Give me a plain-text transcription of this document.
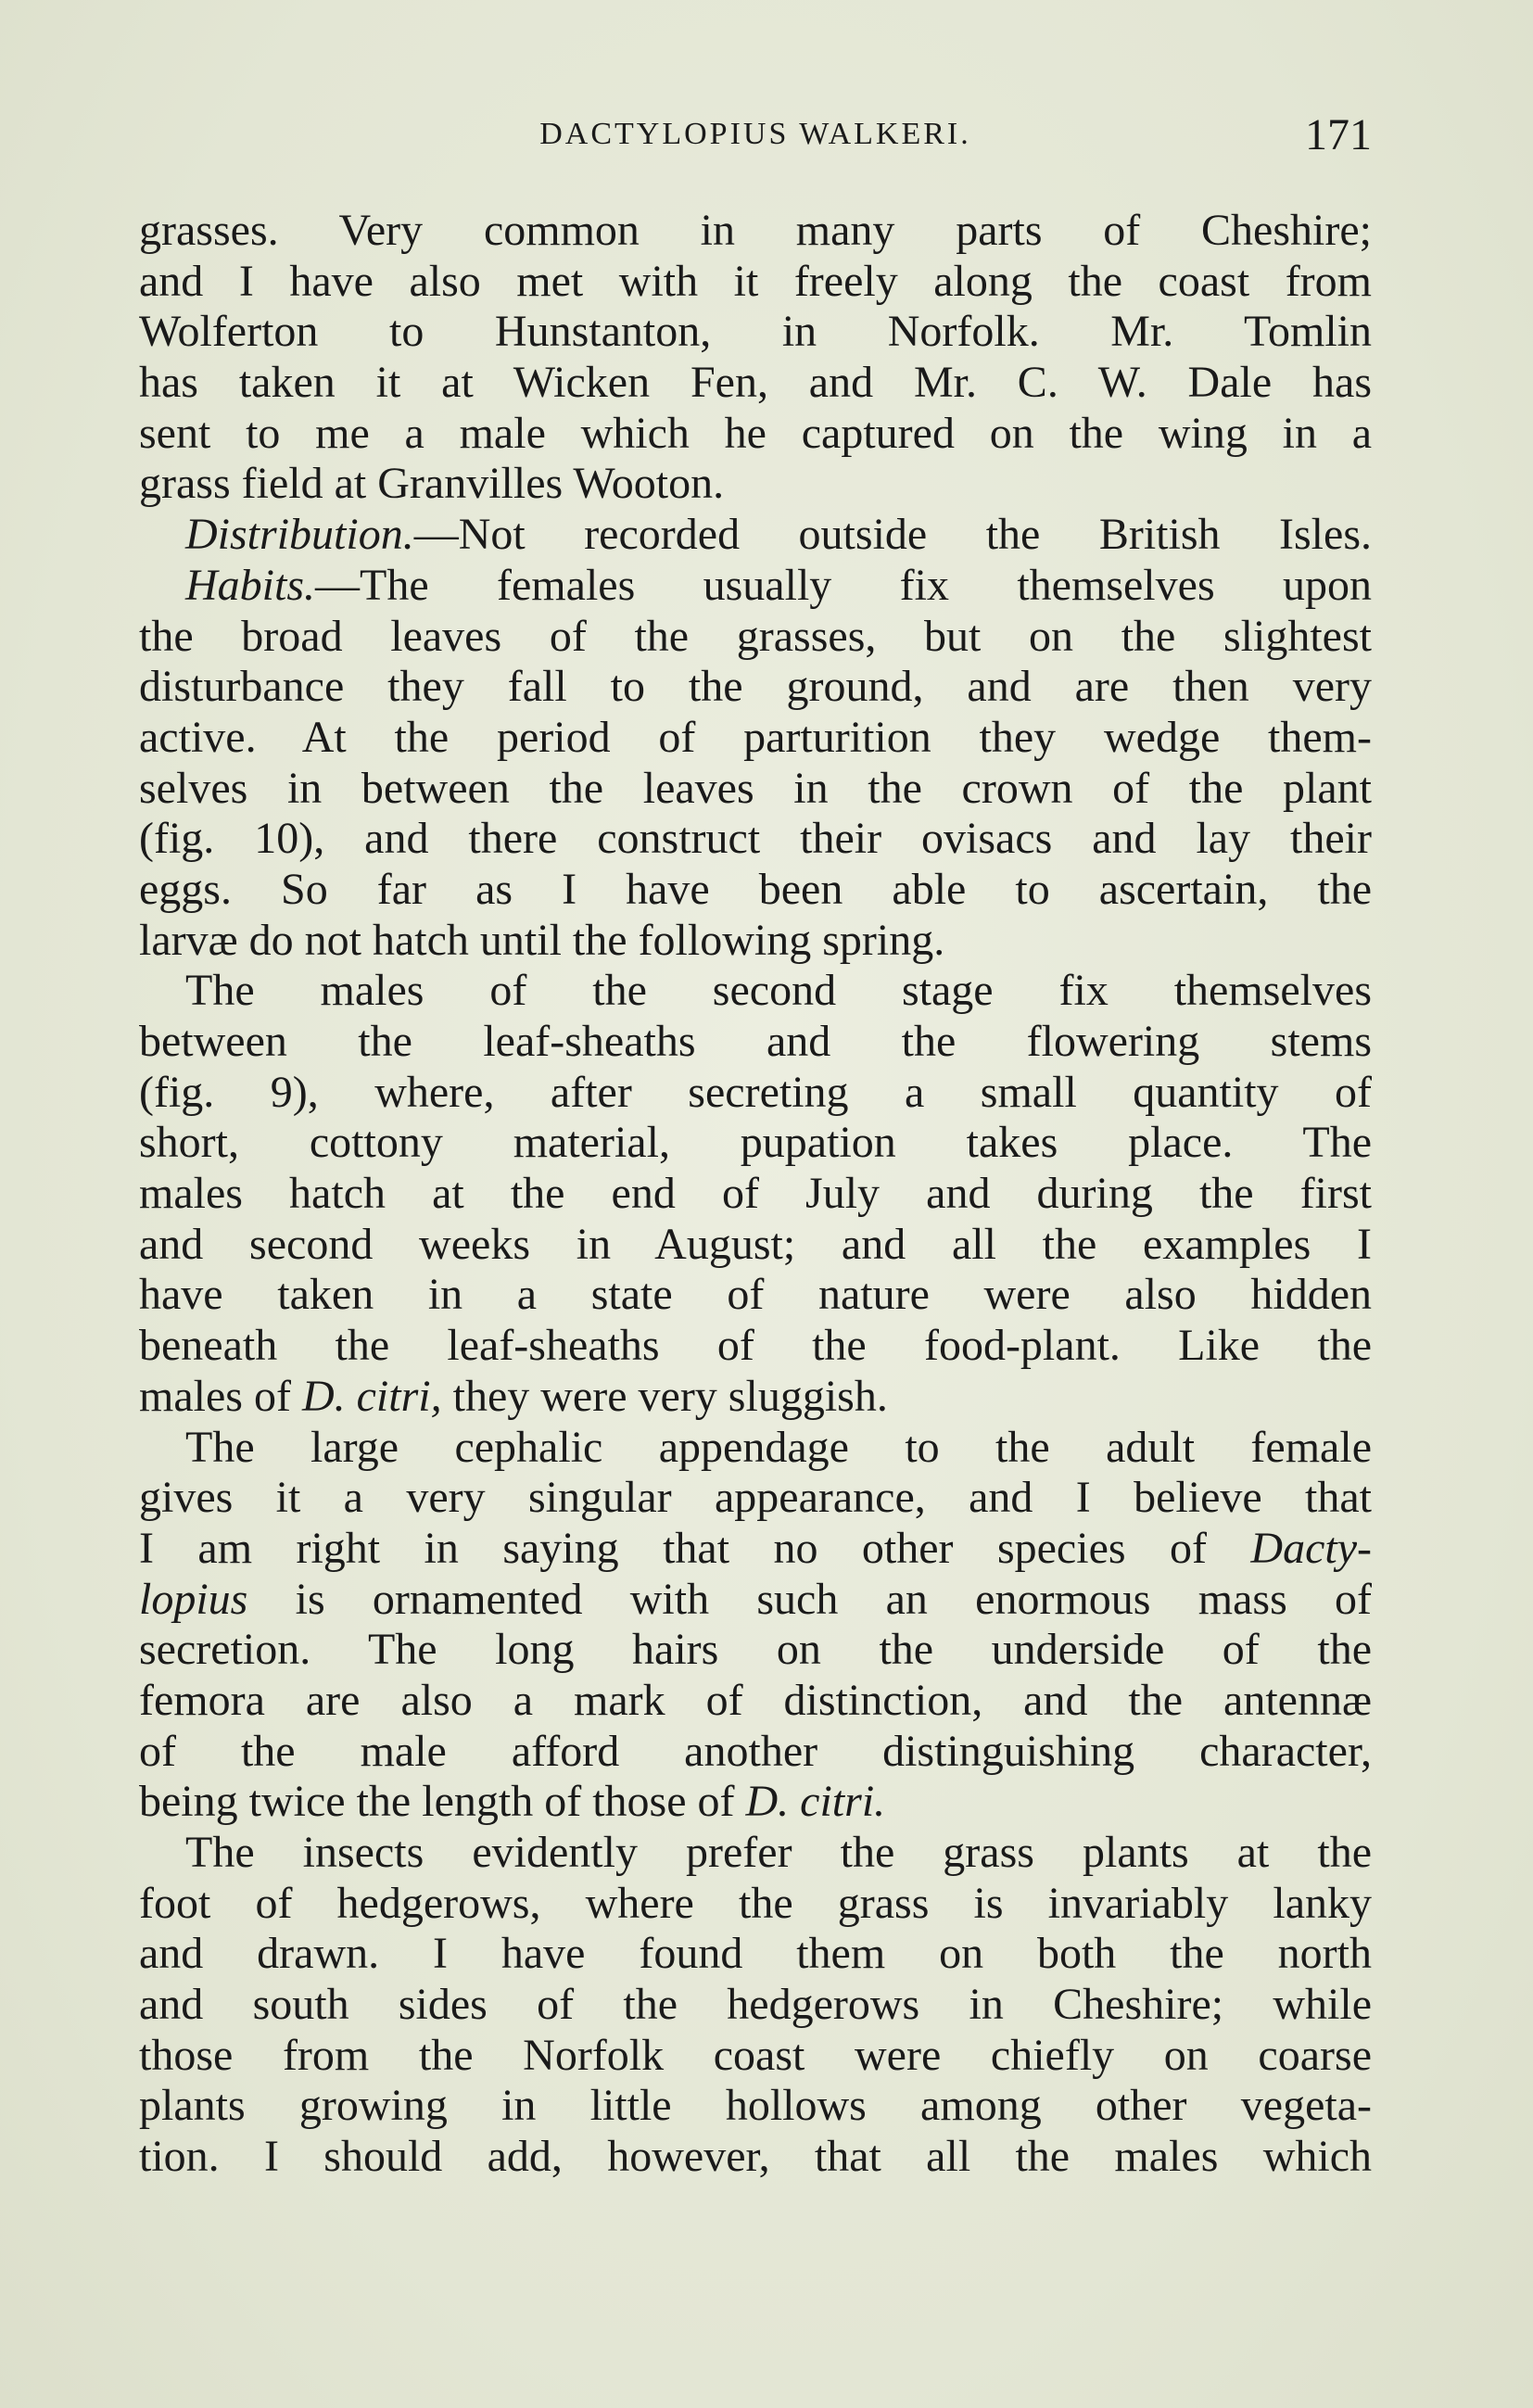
DACTYLOPIUS WALKERI.	171
grasses. Very common in many parts of Cheshire;
and I have also met with it freely along the coast from
Wolferton to Hunstanton, in Norfolk. Mr. Tomlin
has taken it at Wicken Fen, and Mr. C. W. Dale has
sent to me a male which he captured on the wing in a
grass field at Granvilles Wooton.
Distribution.—Not recorded outside the British Isles.
Habits.—The females usually fix themselves upon
the broad leaves of the grasses, but on the slightest
disturbance they fall to the ground, and are then very
active. At the period of parturition they wedge them-
selves in between the leaves in the crown of the plant
(fig. 10), and there construct their ovisacs and lay their
eggs. So far as I have been able to ascertain, the
larvæ do not hatch until the following spring.
The males of the second stage fix themselves
between the leaf-sheaths and the flowering stems
(fig. 9), where, after secreting a small quantity of
short, cottony material, pupation takes place. The
males hatch at the end of July and during the first
and second weeks in August; and all the examples I
have taken in a state of nature were also hidden
beneath the leaf-sheaths of the food-plant. Like the
males of D. citri, they were very sluggish.
The large cephalic appendage to the adult female
gives it a very singular appearance, and I believe that
I am right in saying that no other species of Dacty-
lopius is ornamented with such an enormous mass of
secretion. The long hairs on the underside of the
femora are also a mark of distinction, and the antennæ
of the male afford another distinguishing character,
being twice the length of those of D. citri.
The insects evidently prefer the grass plants at the
foot of hedgerows, where the grass is invariably lanky
and drawn. I have found them on both the north
and south sides of the hedgerows in Cheshire; while
those from the Norfolk coast were chiefly on coarse
plants growing in little hollows among other vegeta-
tion. I should add, however, that all the males which
